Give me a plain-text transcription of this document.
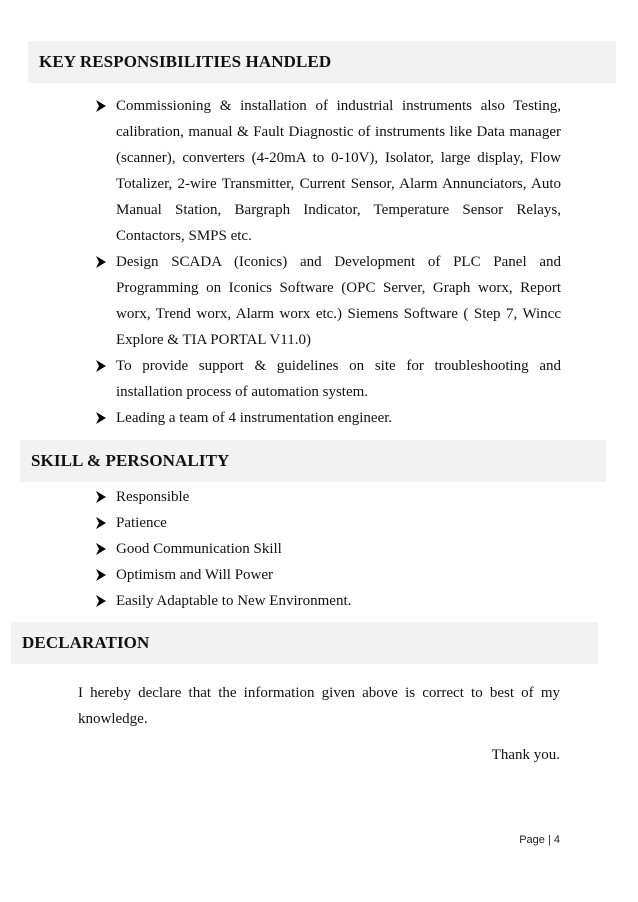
KEY RESPONSIBILITIES HANDLED
Commissioning & installation of industrial instruments also Testing, calibration, manual & Fault Diagnostic of instruments like Data manager (scanner), converters (4-20mA to 0-10V), Isolator, large display, Flow Totalizer, 2-wire Transmitter, Current Sensor, Alarm Annunciators, Auto Manual Station, Bargraph Indicator, Temperature Sensor Relays, Contactors, SMPS etc.
Design SCADA (Iconics) and Development of PLC Panel and Programming on Iconics Software (OPC Server, Graph worx, Report worx, Trend worx, Alarm worx etc.) Siemens Software ( Step 7, Wincc Explore & TIA PORTAL V11.0)
To provide support & guidelines on site for troubleshooting and installation process of automation system.
Leading a team of 4 instrumentation engineer.
SKILL & PERSONALITY
Responsible
Patience
Good Communication Skill
Optimism and Will Power
Easily Adaptable to New Environment.
DECLARATION

I hereby declare that the information given above is correct to best of my knowledge.

Thank you.
Page | 4
